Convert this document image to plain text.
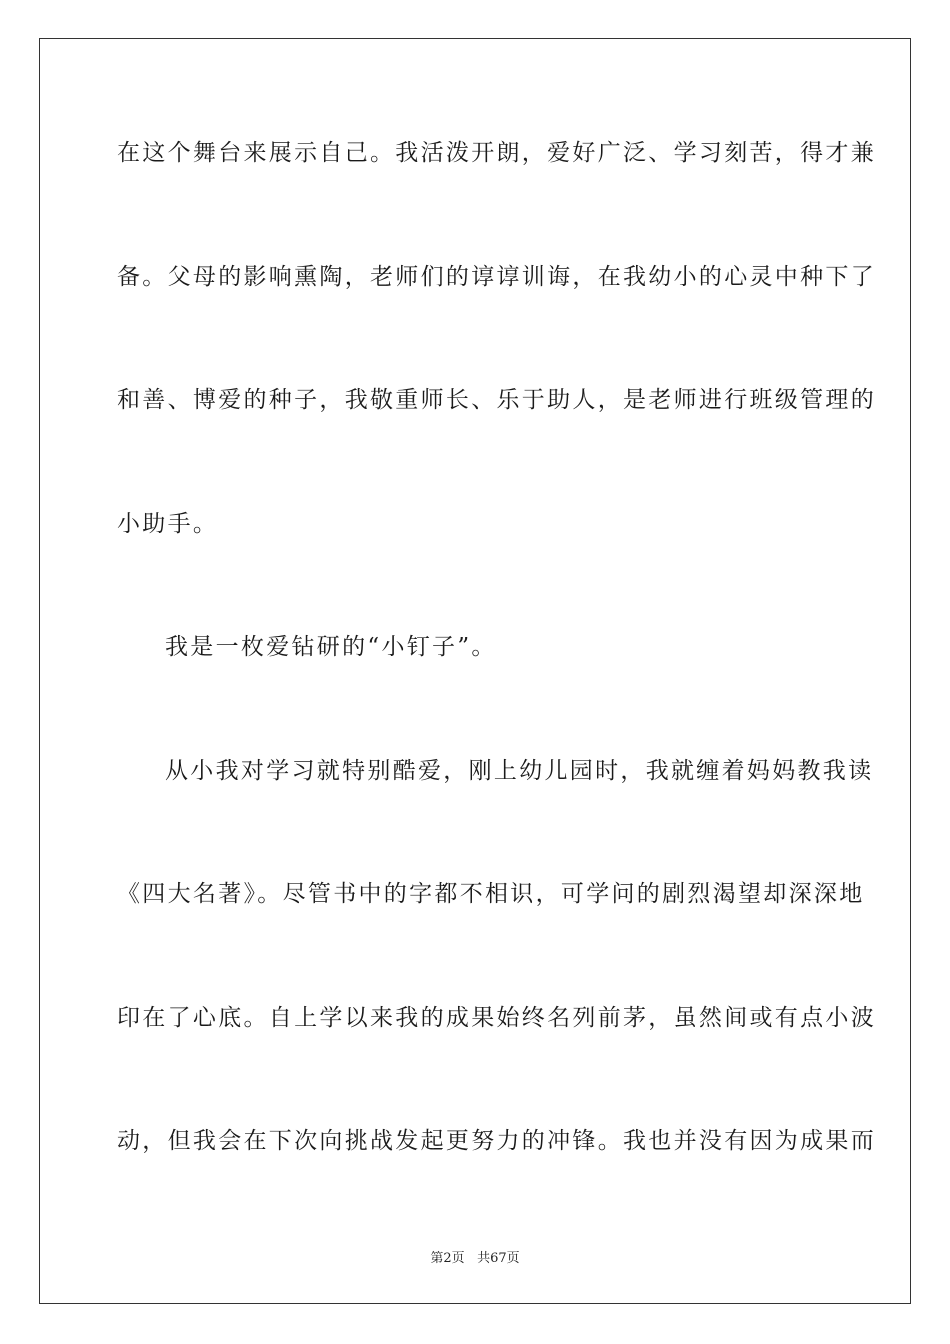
在这个舞台来展示自己。我活泼开朗，爱好广泛、学习刻苦，得才兼
备。父母的影响熏陶，老师们的谆谆训诲，在我幼小的心灵中种下了
和善、博爱的种子，我敬重师长、乐于助人，是老师进行班级管理的
小助手。
我是一枚爱钻研的“小钉子”。
从小我对学习就特别酷爱，刚上幼儿园时，我就缠着妈妈教我读
《四大名著》。尽管书中的字都不相识，可学问的剧烈渴望却深深地
印在了心底。自上学以来我的成果始终名列前茅，虽然间或有点小波
动，但我会在下次向挑战发起更努力的冲锋。我也并没有因为成果而
第2页 共67页
